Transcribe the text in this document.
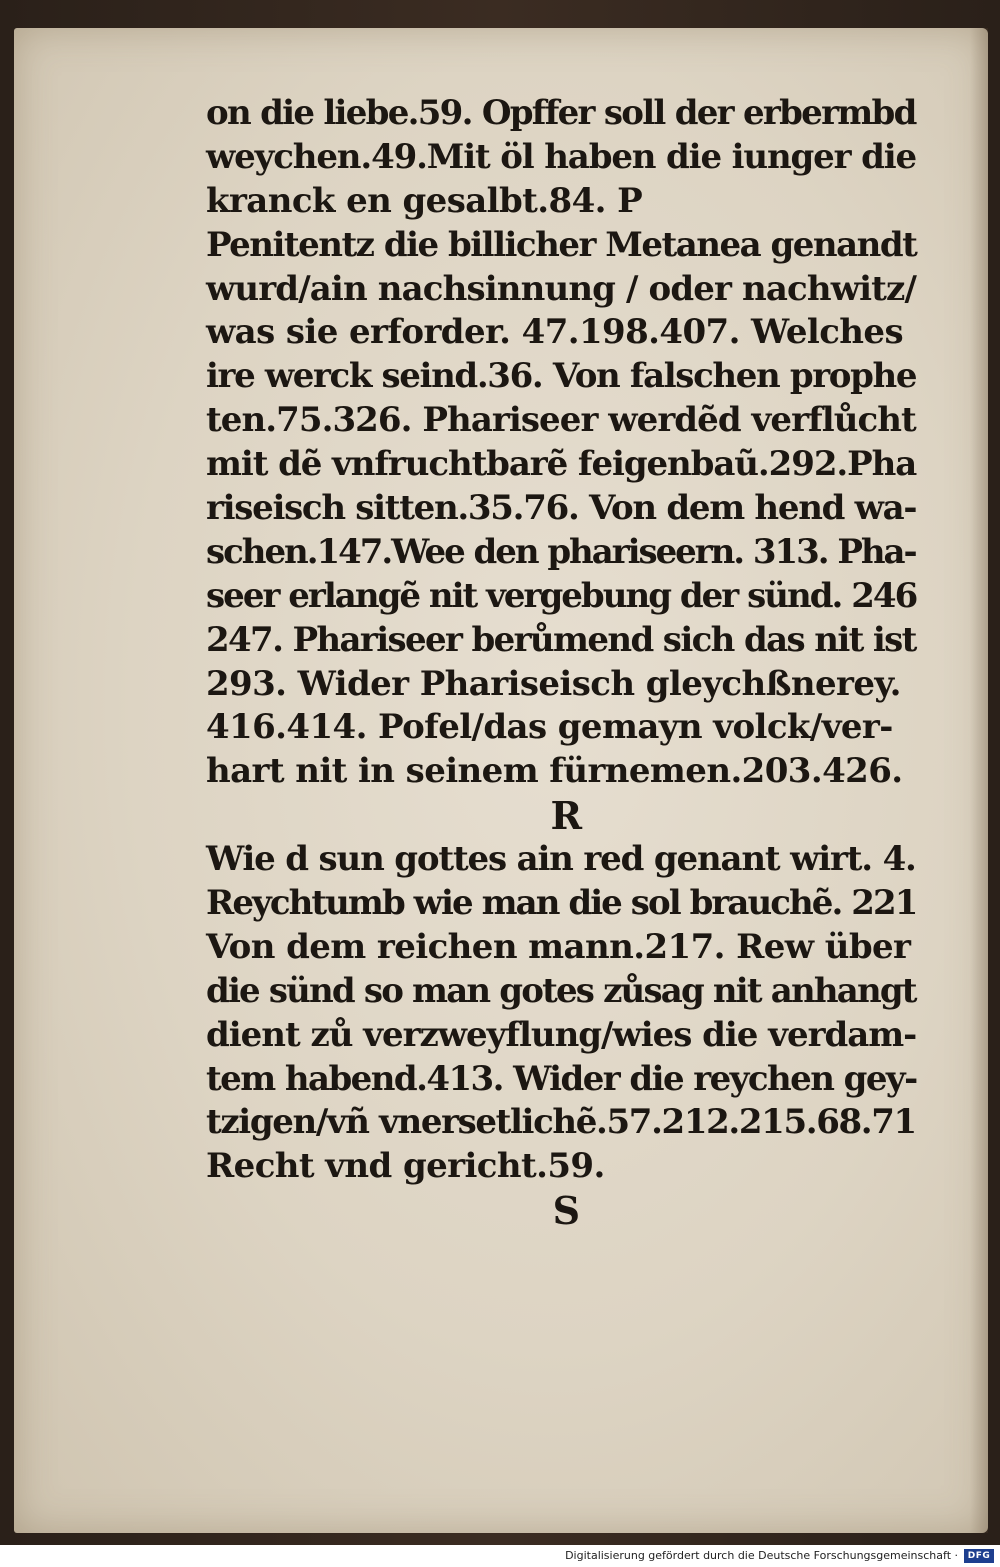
on die liebe.59. Opffer soll der erbermbd
weychen.49.Mit öl haben die iunger die
kranck en gesalbt.84. P
Penitentz die billicher Metanea genandt
wurd/ain nachsinnung / oder nachwitz/
was sie erforder. 47.198.407. Welches
ire werck seind.36. Von falschen prophe
ten.75.326. Phariseer werdẽd verflůcht
mit dẽ vnfruchtbarẽ feigenbaũ.292.Pha
riseisch sitten.35.76. Von dem hend wa-
schen.147.Wee den phariseern. 313. Pha-
seer erlangẽ nit vergebung der sünd. 246
247. Phariseer berůmend sich das nit ist
293. Wider Phariseisch gleychßnerey.
416.414. Pofel/das gemayn volck/ver-
hart nit in seinem fürnemen.203.426.
R
Wie d sun gottes ain red genant wirt. 4.
Reychtumb wie man die sol brauchẽ. 221
Von dem reichen mann.217. Rew über
die sünd so man gotes zůsag nit anhangt
dient zů verzweyflung/wies die verdam-
tem habend.413. Wider die reychen gey-
tzigen/vñ vnersetlichẽ.57.212.215.68.71
Recht vnd gericht.59.
S
Digitalisierung gefördert durch die Deutsche Forschungsgemeinschaft ·	DFG
